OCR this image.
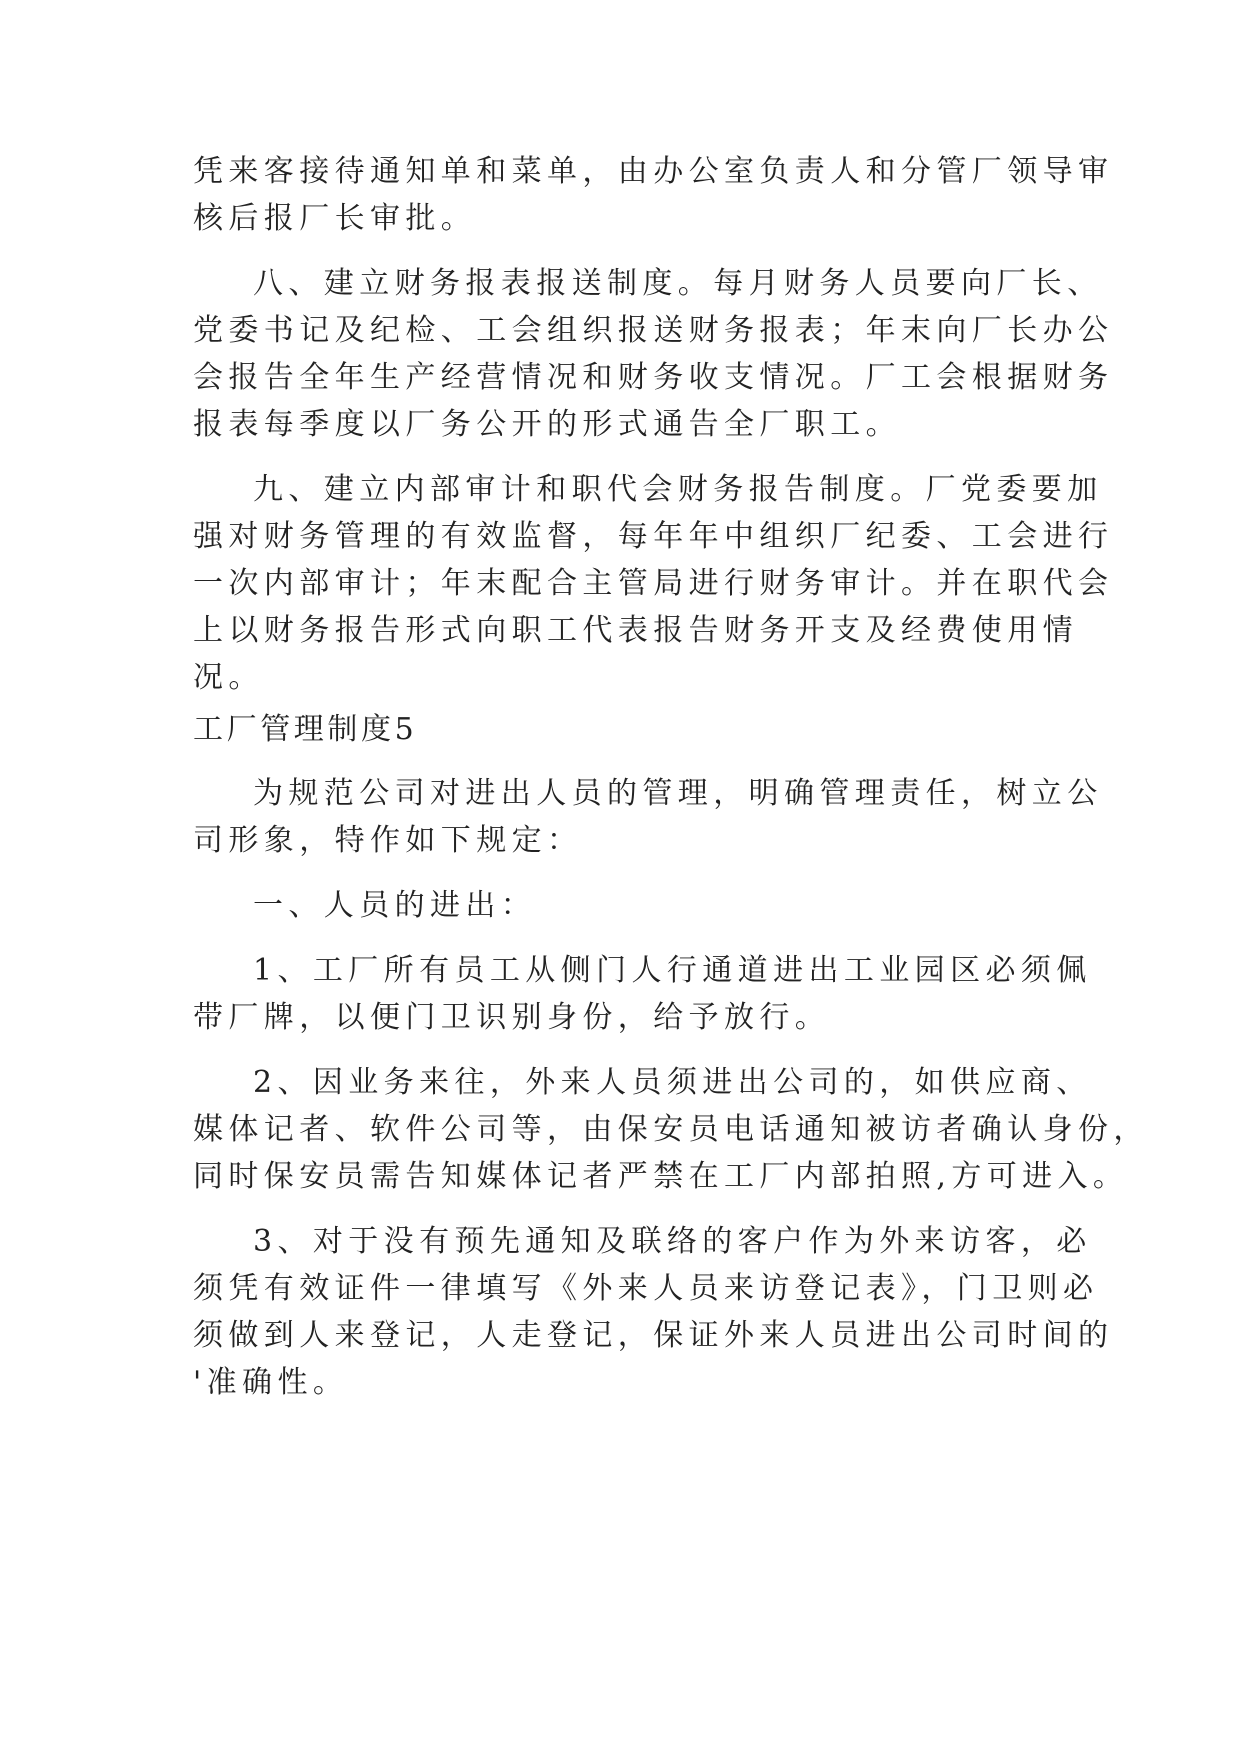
凭来客接待通知单和菜单，由办公室负责人和分管厂领导审
核后报厂长审批。
八、建立财务报表报送制度。每月财务人员要向厂长、
党委书记及纪检、工会组织报送财务报表；年末向厂长办公
会报告全年生产经营情况和财务收支情况。厂工会根据财务
报表每季度以厂务公开的形式通告全厂职工。
九、建立内部审计和职代会财务报告制度。厂党委要加
强对财务管理的有效监督，每年年中组织厂纪委、工会进行
一次内部审计；年末配合主管局进行财务审计。并在职代会
上以财务报告形式向职工代表报告财务开支及经费使用情
况。
工厂管理制度5
为规范公司对进出人员的管理，明确管理责任，树立公
司形象，特作如下规定：
一、人员的进出：
1、工厂所有员工从侧门人行通道进出工业园区必须佩
带厂牌，以便门卫识别身份，给予放行。
2、因业务来往，外来人员须进出公司的，如供应商、
媒体记者、软件公司等，由保安员电话通知被访者确认身份，
同时保安员需告知媒体记者严禁在工厂内部拍照,方可进入。
3、对于没有预先通知及联络的客户作为外来访客，必
须凭有效证件一律填写《外来人员来访登记表》，门卫则必
须做到人来登记，人走登记，保证外来人员进出公司时间的
'准确性。
